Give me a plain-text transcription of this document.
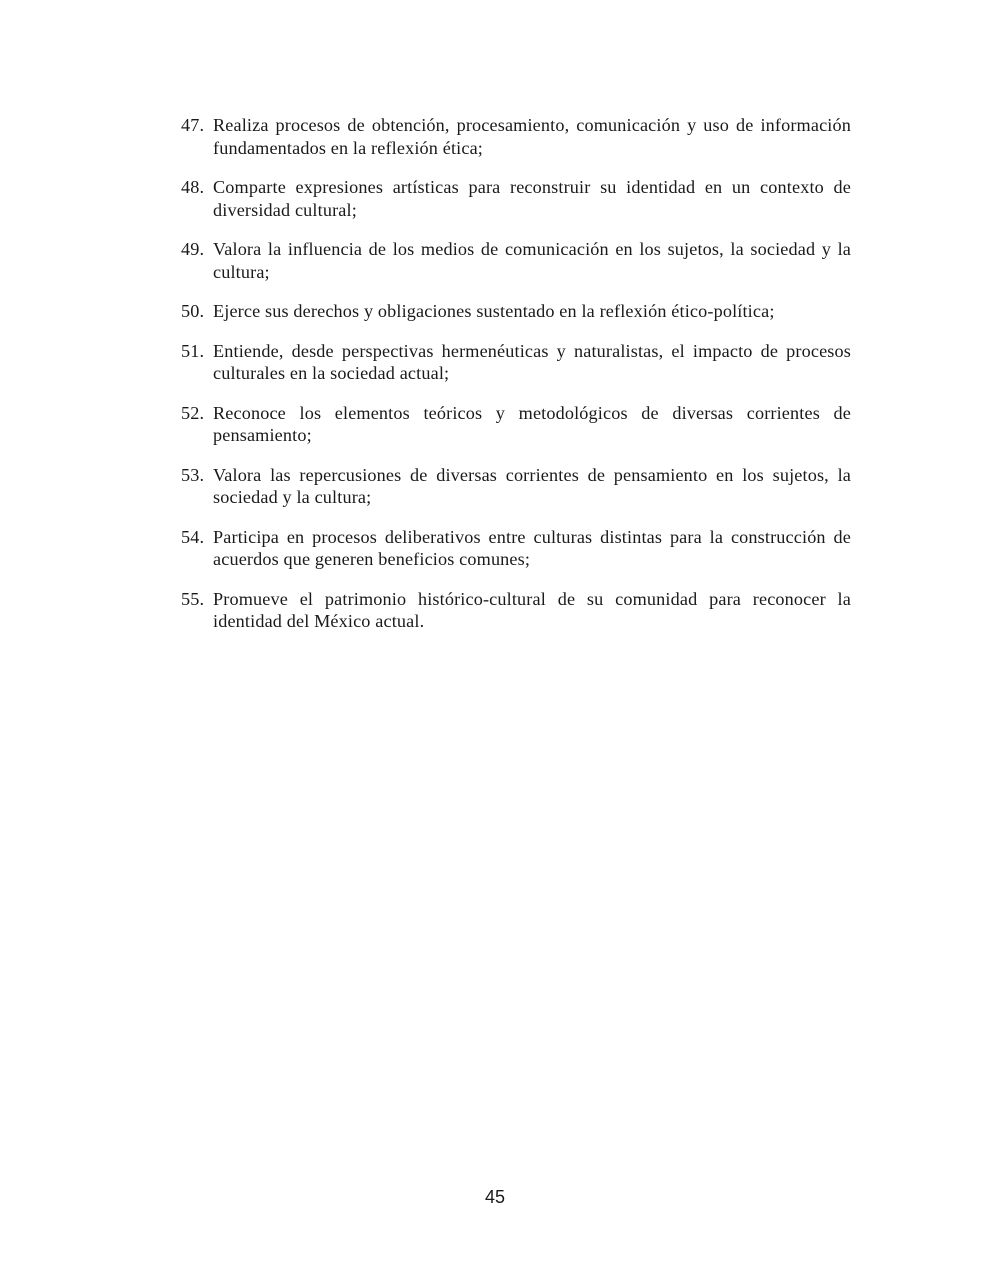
47. Realiza procesos de obtención, procesamiento, comunicación y uso de información fundamentados en la reflexión ética;
48. Comparte expresiones artísticas para reconstruir su identidad en un contexto de diversidad cultural;
49. Valora la influencia de los medios de comunicación en los sujetos, la sociedad y la cultura;
50. Ejerce sus derechos y obligaciones sustentado en la reflexión ético-política;
51. Entiende, desde perspectivas hermenéuticas y naturalistas, el impacto de procesos culturales en la sociedad actual;
52. Reconoce los elementos teóricos y metodológicos de diversas corrientes de pensamiento;
53. Valora las repercusiones de diversas corrientes de pensamiento en los sujetos, la sociedad y la cultura;
54. Participa en procesos deliberativos entre culturas distintas para la construcción de acuerdos que generen beneficios comunes;
55. Promueve el patrimonio histórico-cultural de su comunidad para reconocer la identidad del México actual.
45
